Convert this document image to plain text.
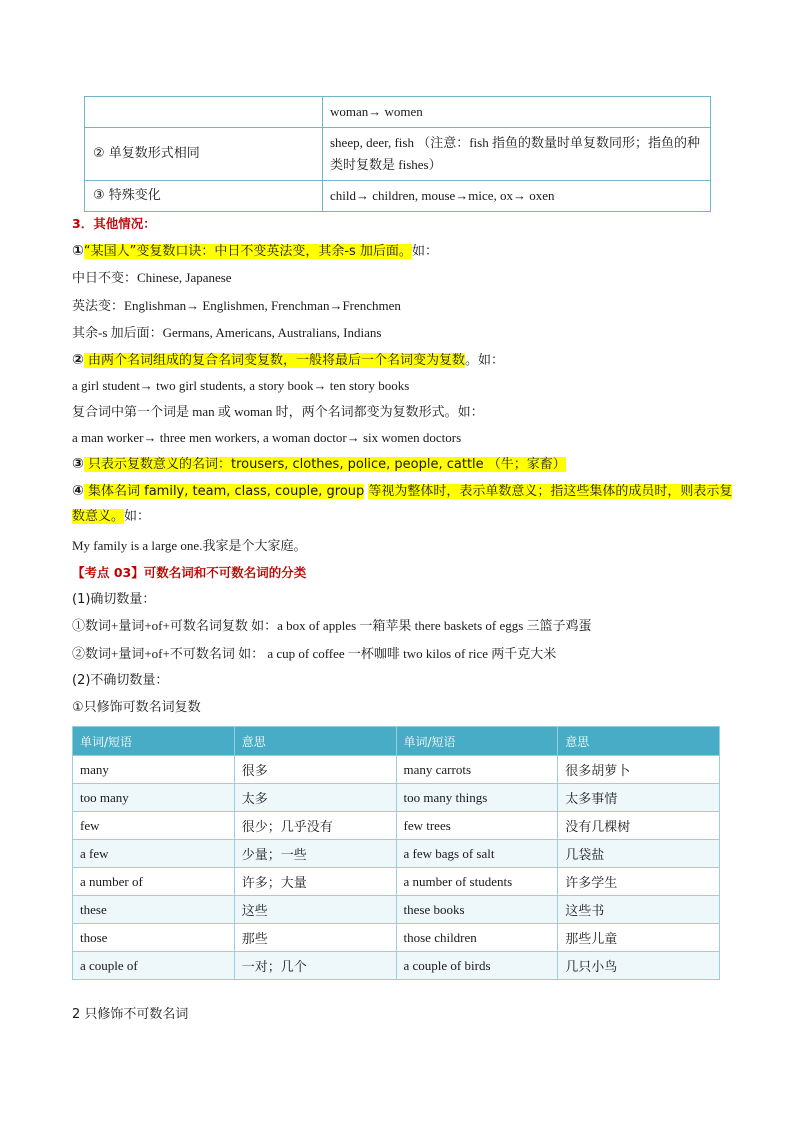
	woman→ women
② 单复数形式相同	sheep, deer, fish （注意：fish 指鱼的数量时单复数同形；指鱼的种类时复数是 fishes）
③ 特殊变化	child→ children, mouse→mice, ox→ oxen
3．其他情况：
①“某国人”变复数口诀：中日不变英法变，其余-s 加后面。如：
中日不变：Chinese, Japanese
英法变：Englishman→ Englishmen, Frenchman→Frenchmen
其余-s 加后面：Germans, Americans, Australians, Indians
② 由两个名词组成的复合名词变复数，一般将最后一个名词变为复数。如：
a girl student→ two girl students, a story book→ ten story books
复合词中第一个词是 man 或 woman 时，两个名词都变为复数形式。如：
a man worker→ three men workers, a woman doctor→ six women doctors
③ 只表示复数意义的名词：trousers, clothes, police, people, cattle （牛；家畜）
④ 集体名词 family, team, class, couple, group 等视为整体时，表示单数意义；指这些集体的成员时，则表示复数意义。如：
My family is a large one.我家是个大家庭。
【考点 03】可数名词和不可数名词的分类
(1)确切数量：
①数词+量词+of+可数名词复数 如：a box of apples 一箱苹果 there baskets of eggs 三篮子鸡蛋
②数词+量词+of+不可数名词 如： a cup of coffee 一杯咖啡 two kilos of rice 两千克大米
(2)不确切数量：
①只修饰可数名词复数
单词/短语	意思	单词/短语	意思
many	很多	many carrots	很多胡萝卜
too many	太多	too many things	太多事情
few	很少；几乎没有	few trees	没有几棵树
a few	少量；一些	a few bags of salt	几袋盐
a number of	许多；大量	a number of students	许多学生
these	这些	these books	这些书
those	那些	those children	那些儿童
a couple of	一对；几个	a couple of birds	几只小鸟
2 只修饰不可数名词
